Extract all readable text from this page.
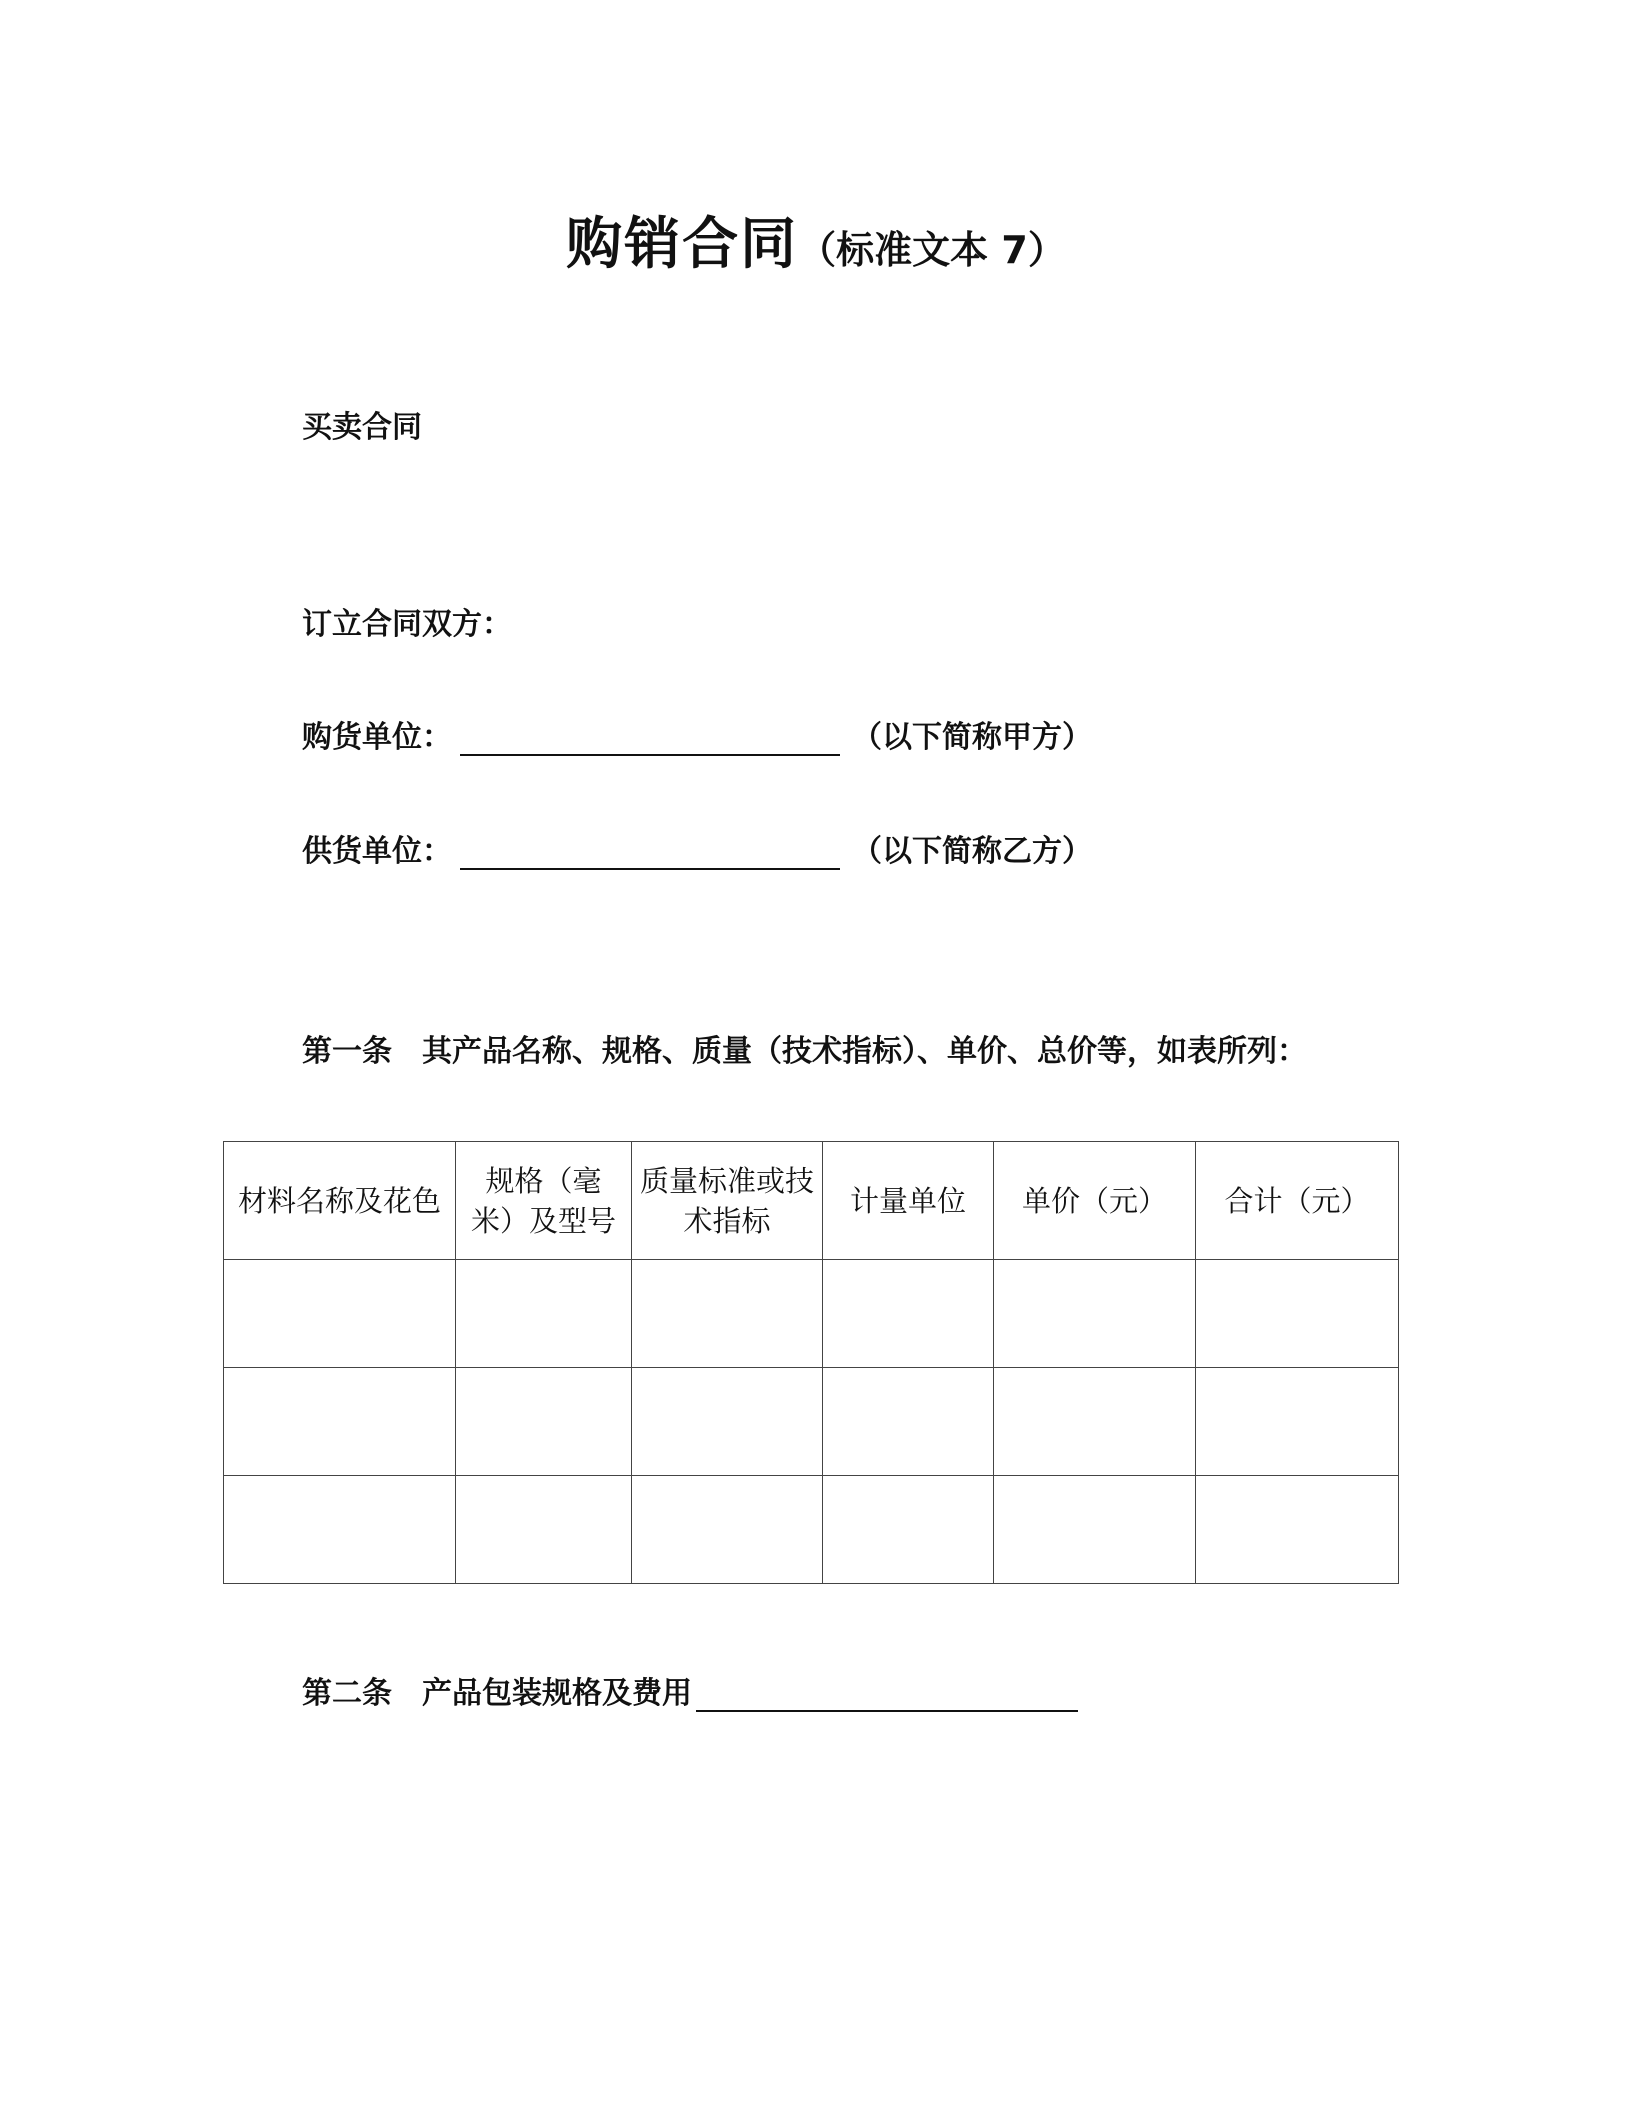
购销合同（标准文本 7）
买卖合同
订立合同双方：
购货单位：	（以下简称甲方）
供货单位：	（以下简称乙方）
第一条　其产品名称、规格、质量（技术指标）、单价、总价等，如表所列：
材料名称及花色	规格（毫米）及型号	质量标准或技术指标	计量单位	单价（元）	合计（元）

第二条　产品包装规格及费用
